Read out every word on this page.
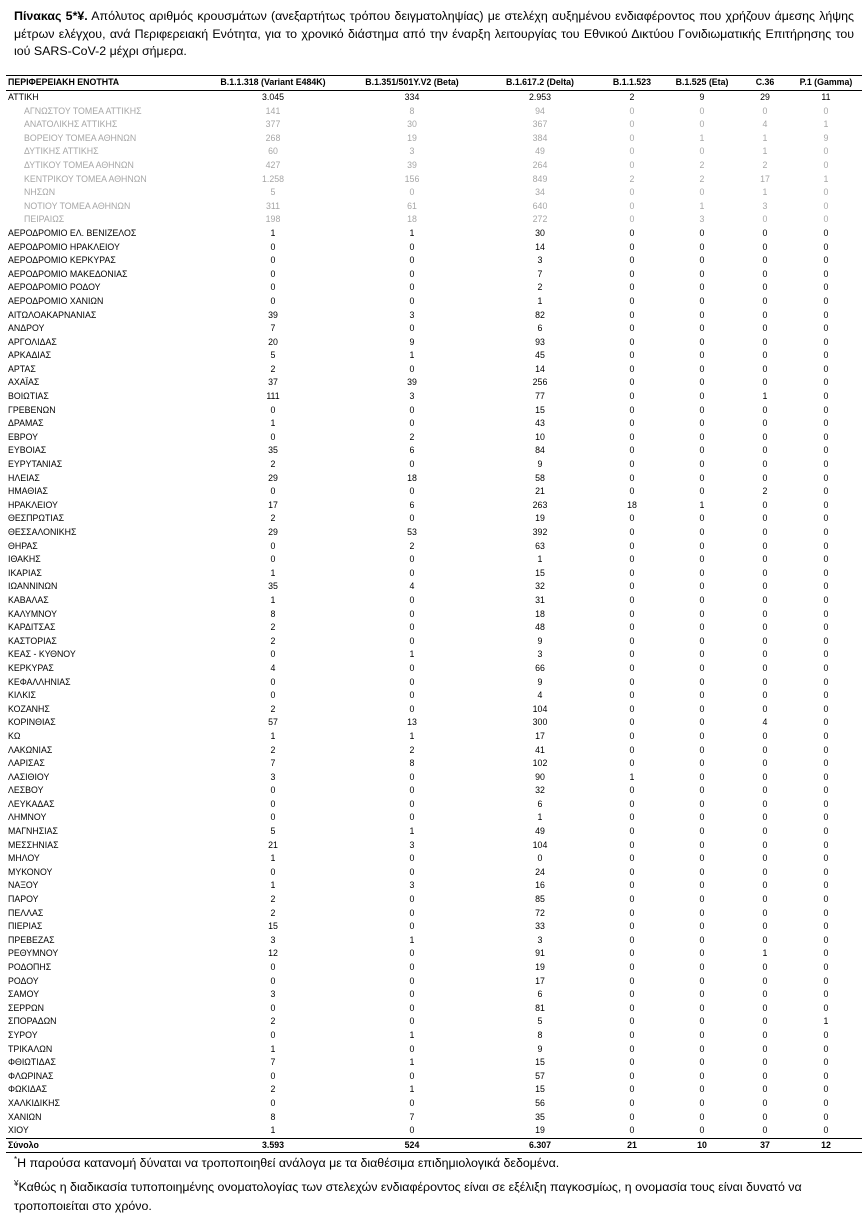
Πίνακας 5*¥. Απόλυτος αριθμός κρουσμάτων (ανεξαρτήτως τρόπου δειγματοληψίας) με στελέχη αυξημένου ενδιαφέροντος που χρήζουν άμεσης λήψης μέτρων ελέγχου, ανά Περιφερειακή Ενότητα, για το χρονικό διάστημα από την έναρξη λειτουργίας του Εθνικού Δικτύου Γονιδιωματικής Επιτήρησης του ιού SARS-CoV-2 μέχρι σήμερα.
ΠΕΡΙΦΕΡΕΙΑΚΗ ΕΝΟΤΗΤΑ	B.1.1.318 (Variant E484K)	B.1.351/501Y.V2 (Beta)	B.1.617.2 (Delta)	B.1.1.523	B.1.525 (Eta)	C.36	P.1 (Gamma)
ΑΤΤΙΚΗ	3.045	334	2.953	2	9	29	11
ΑΓΝΩΣΤΟΥ ΤΟΜΕΑ ΑΤΤΙΚΗΣ	141	8	94	0	0	0	0
ΑΝΑΤΟΛΙΚΗΣ ΑΤΤΙΚΗΣ	377	30	367	0	0	4	1
ΒΟΡΕΙΟΥ ΤΟΜΕΑ ΑΘΗΝΩΝ	268	19	384	0	1	1	9
ΔΥΤΙΚΗΣ ΑΤΤΙΚΗΣ	60	3	49	0	0	1	0
ΔΥΤΙΚΟΥ ΤΟΜΕΑ ΑΘΗΝΩΝ	427	39	264	0	2	2	0
ΚΕΝΤΡΙΚΟΥ ΤΟΜΕΑ ΑΘΗΝΩΝ	1.258	156	849	2	2	17	1
ΝΗΣΩΝ	5	0	34	0	0	1	0
ΝΟΤΙΟΥ ΤΟΜΕΑ ΑΘΗΝΩΝ	311	61	640	0	1	3	0
ΠΕΙΡΑΙΩΣ	198	18	272	0	3	0	0
ΑΕΡΟΔΡΟΜΙΟ ΕΛ. ΒΕΝΙΖΕΛΟΣ	1	1	30	0	0	0	0
ΑΕΡΟΔΡΟΜΙΟ ΗΡΑΚΛΕΙΟΥ	0	0	14	0	0	0	0
ΑΕΡΟΔΡΟΜΙΟ ΚΕΡΚΥΡΑΣ	0	0	3	0	0	0	0
ΑΕΡΟΔΡΟΜΙΟ ΜΑΚΕΔΟΝΙΑΣ	0	0	7	0	0	0	0
ΑΕΡΟΔΡΟΜΙΟ ΡΟΔΟΥ	0	0	2	0	0	0	0
ΑΕΡΟΔΡΟΜΙΟ ΧΑΝΙΩΝ	0	0	1	0	0	0	0
ΑΙΤΩΛΟΑΚΑΡΝΑΝΙΑΣ	39	3	82	0	0	0	0
ΑΝΔΡΟΥ	7	0	6	0	0	0	0
ΑΡΓΟΛΙΔΑΣ	20	9	93	0	0	0	0
ΑΡΚΑΔΙΑΣ	5	1	45	0	0	0	0
ΑΡΤΑΣ	2	0	14	0	0	0	0
ΑΧΑΪΑΣ	37	39	256	0	0	0	0
ΒΟΙΩΤΙΑΣ	111	3	77	0	0	1	0
ΓΡΕΒΕΝΩΝ	0	0	15	0	0	0	0
ΔΡΑΜΑΣ	1	0	43	0	0	0	0
ΕΒΡΟΥ	0	2	10	0	0	0	0
ΕΥΒΟΙΑΣ	35	6	84	0	0	0	0
ΕΥΡΥΤΑΝΙΑΣ	2	0	9	0	0	0	0
ΗΛΕΙΑΣ	29	18	58	0	0	0	0
ΗΜΑΘΙΑΣ	0	0	21	0	0	2	0
ΗΡΑΚΛΕΙΟΥ	17	6	263	18	1	0	0
ΘΕΣΠΡΩΤΙΑΣ	2	0	19	0	0	0	0
ΘΕΣΣΑΛΟΝΙΚΗΣ	29	53	392	0	0	0	0
ΘΗΡΑΣ	0	2	63	0	0	0	0
ΙΘΑΚΗΣ	0	0	1	0	0	0	0
ΙΚΑΡΙΑΣ	1	0	15	0	0	0	0
ΙΩΑΝΝΙΝΩΝ	35	4	32	0	0	0	0
ΚΑΒΑΛΑΣ	1	0	31	0	0	0	0
ΚΑΛΥΜΝΟΥ	8	0	18	0	0	0	0
ΚΑΡΔΙΤΣΑΣ	2	0	48	0	0	0	0
ΚΑΣΤΟΡΙΑΣ	2	0	9	0	0	0	0
ΚΕΑΣ - ΚΥΘΝΟΥ	0	1	3	0	0	0	0
ΚΕΡΚΥΡΑΣ	4	0	66	0	0	0	0
ΚΕΦΑΛΛΗΝΙΑΣ	0	0	9	0	0	0	0
ΚΙΛΚΙΣ	0	0	4	0	0	0	0
ΚΟΖΑΝΗΣ	2	0	104	0	0	0	0
ΚΟΡΙΝΘΙΑΣ	57	13	300	0	0	4	0
ΚΩ	1	1	17	0	0	0	0
ΛΑΚΩΝΙΑΣ	2	2	41	0	0	0	0
ΛΑΡΙΣΑΣ	7	8	102	0	0	0	0
ΛΑΣΙΘΙΟΥ	3	0	90	1	0	0	0
ΛΕΣΒΟΥ	0	0	32	0	0	0	0
ΛΕΥΚΑΔΑΣ	0	0	6	0	0	0	0
ΛΗΜΝΟΥ	0	0	1	0	0	0	0
ΜΑΓΝΗΣΙΑΣ	5	1	49	0	0	0	0
ΜΕΣΣΗΝΙΑΣ	21	3	104	0	0	0	0
ΜΗΛΟΥ	1	0	0	0	0	0	0
ΜΥΚΟΝΟΥ	0	0	24	0	0	0	0
ΝΑΞΟΥ	1	3	16	0	0	0	0
ΠΑΡΟΥ	2	0	85	0	0	0	0
ΠΕΛΛΑΣ	2	0	72	0	0	0	0
ΠΙΕΡΙΑΣ	15	0	33	0	0	0	0
ΠΡΕΒΕΖΑΣ	3	1	3	0	0	0	0
ΡΕΘΥΜΝΟΥ	12	0	91	0	0	1	0
ΡΟΔΟΠΗΣ	0	0	19	0	0	0	0
ΡΟΔΟΥ	0	0	17	0	0	0	0
ΣΑΜΟΥ	3	0	6	0	0	0	0
ΣΕΡΡΩΝ	0	0	81	0	0	0	0
ΣΠΟΡΑΔΩΝ	2	0	5	0	0	0	1
ΣΥΡΟΥ	0	1	8	0	0	0	0
ΤΡΙΚΑΛΩΝ	1	0	9	0	0	0	0
ΦΘΙΩΤΙΔΑΣ	7	1	15	0	0	0	0
ΦΛΩΡΙΝΑΣ	0	0	57	0	0	0	0
ΦΩΚΙΔΑΣ	2	1	15	0	0	0	0
ΧΑΛΚΙΔΙΚΗΣ	0	0	56	0	0	0	0
ΧΑΝΙΩΝ	8	7	35	0	0	0	0
ΧΙΟΥ	1	0	19	0	0	0	0
Σύνολο	3.593	524	6.307	21	10	37	12
*Η παρούσα κατανομή δύναται να τροποποιηθεί ανάλογα με τα διαθέσιμα επιδημιολογικά δεδομένα.
¥Καθώς η διαδικασία τυποποιημένης ονοματολογίας των στελεχών ενδιαφέροντος είναι σε εξέλιξη παγκοσμίως, η ονομασία τους είναι δυνατό να τροποποιείται στο χρόνο.
